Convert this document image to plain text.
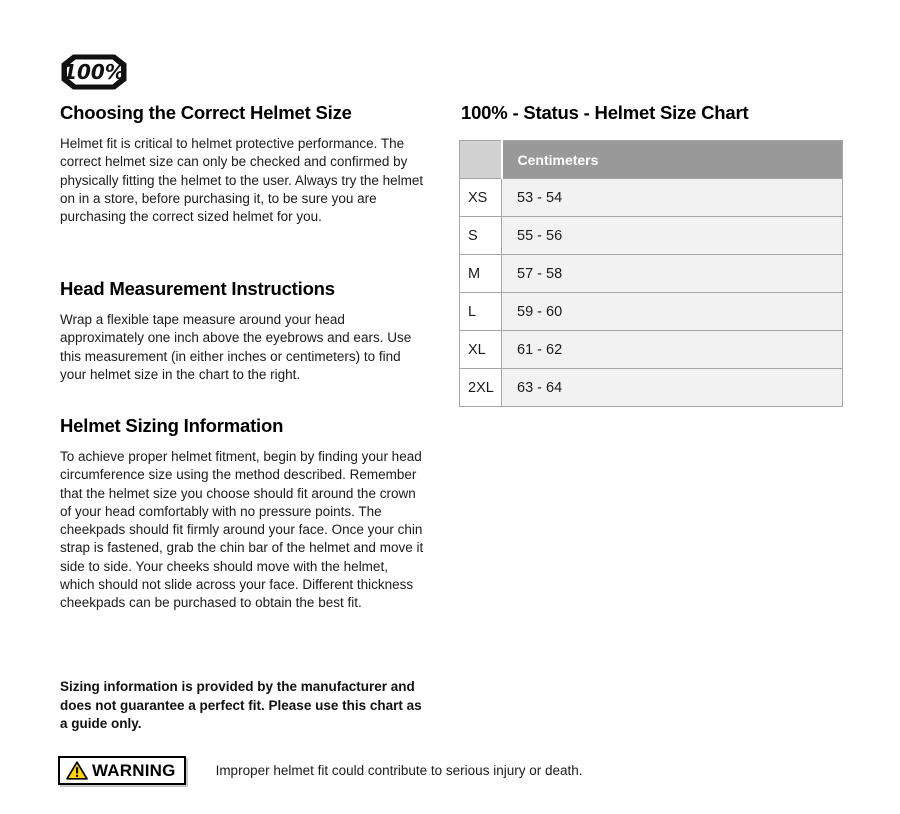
100%
Choosing the Correct Helmet Size

Helmet fit is critical to helmet protective performance. The correct helmet size can only be checked and confirmed by physically fitting the helmet to the user. Always try the helmet on in a store, before purchasing it, to be sure you are purchasing the correct sized helmet for you.

Head Measurement Instructions

Wrap a flexible tape measure around your head approximately one inch above the eyebrows and ears. Use this measurement (in either inches or centimeters) to find your helmet size in the chart to the right.

Helmet Sizing Information

To achieve proper helmet fitment, begin by finding your head circumference size using the method described. Remember that the helmet size you choose should fit around the crown of your head comfortably with no pressure points. The cheekpads should fit firmly around your face. Once your chin strap is fastened, grab the chin bar of the helmet and move it side to side. Your cheeks should move with the helmet, which should not slide across your face. Different thickness cheekpads can be purchased to obtain the best fit.

Sizing information is provided by the manufacturer and does not guarantee a perfect fit. Please use this chart as a guide only.

WARNING	Improper helmet fit could contribute to serious injury or death.
100% - Status - Helmet Size Chart
	Centimeters
XS	53 - 54
S	55 - 56
M	57 - 58
L	59 - 60
XL	61 - 62
2XL	63 - 64
